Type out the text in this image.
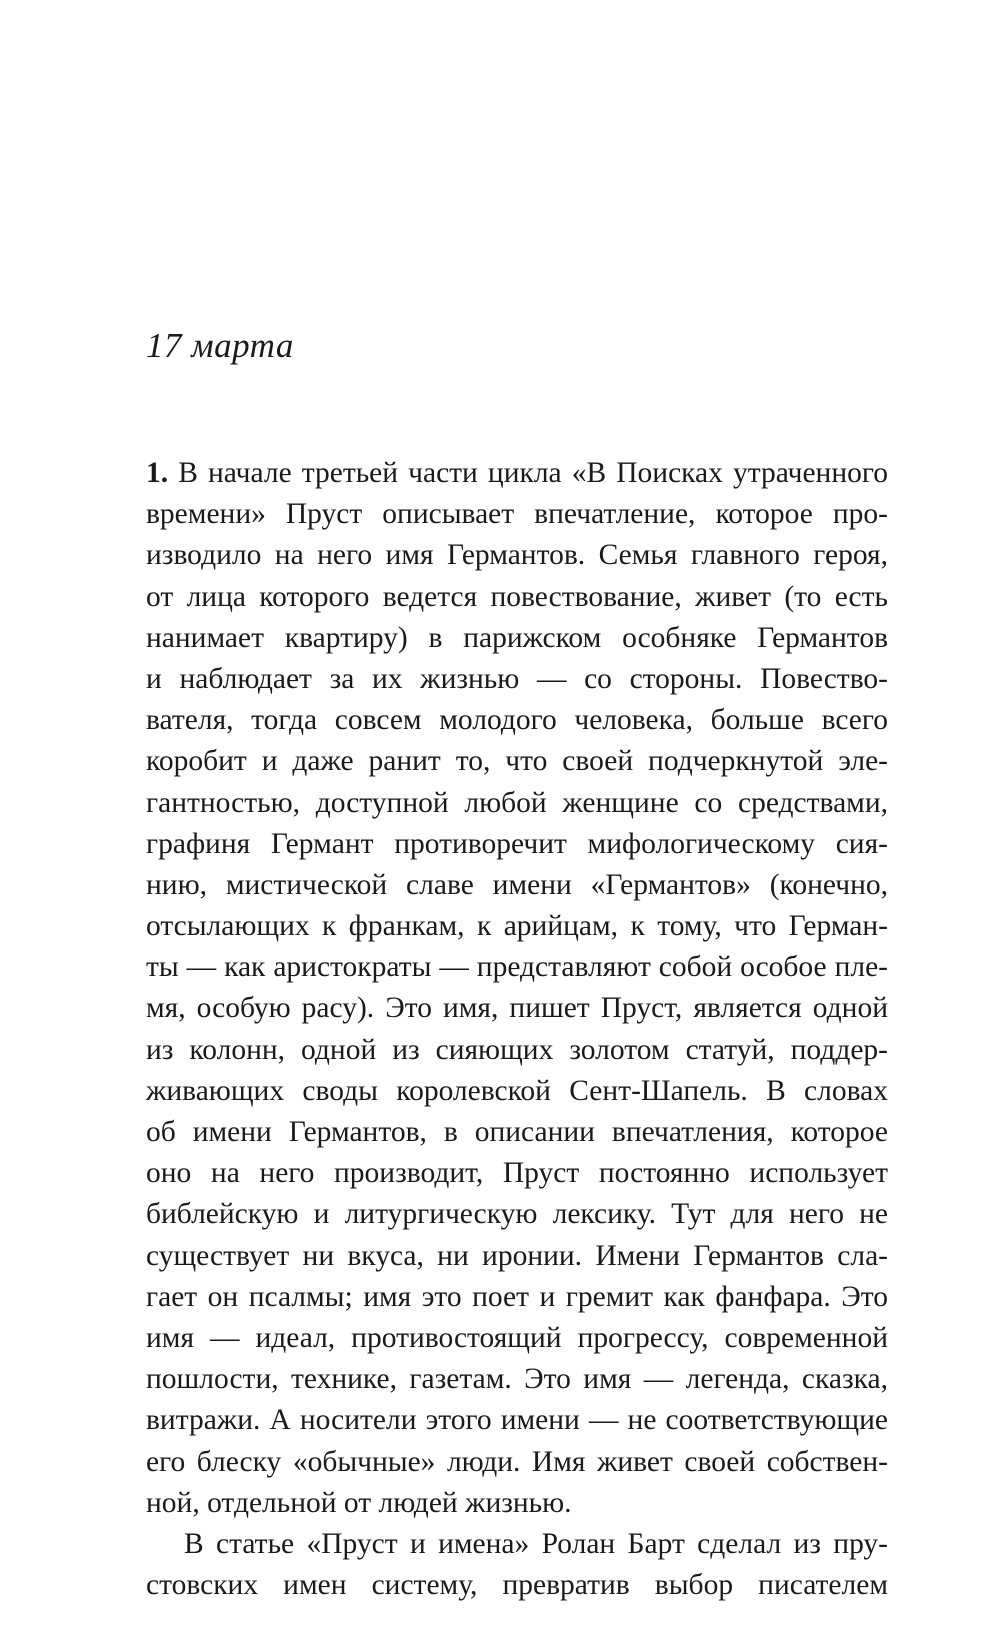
17 марта
1. В начале третьей части цикла «В Поисках утраченного
времени» Пруст описывает впечатление, которое про-
изводило на него имя Германтов. Семья главного героя,
от лица которого ведется повествование, живет (то есть
нанимает квартиру) в парижском особняке Германтов
и наблюдает за их жизнью — со стороны. Повество-
вателя, тогда совсем молодого человека, больше всего
коробит и даже ранит то, что своей подчеркнутой эле-
гантностью, доступной любой женщине со средствами,
графиня Гермaнт противоречит мифологическому сия-
нию, мистической славе имени «Германтов» (конечно,
отсылающих к франкам, к арийцам, к тому, что Герман-
ты — как аристократы — представляют собой особое пле-
мя, особую расу). Это имя, пишет Пруст, является одной
из колонн, одной из сияющих золотом статуй, поддер-
живающих своды королевской Сент-Шапель. В словах
об имени Германтов, в описании впечатления, которое
оно на него производит, Пруст постоянно использует
библейскую и литургическую лексику. Тут для него не
существует ни вкуса, ни иронии. Имени Германтов сла-
гает он псалмы; имя это поет и гремит как фанфара. Это
имя — идеал, противостоящий прогрессу, современной
пошлости, технике, газетам. Это имя — легенда, сказка,
витражи. А носители этого имени — не соответствующие
его блеску «обычные» люди. Имя живет своей собствен-
ной, отдельной от людей жизнью.
В статье «Пруст и имена» Ролан Барт сделал из пру-
стовских имен систему, превратив выбор писателем
